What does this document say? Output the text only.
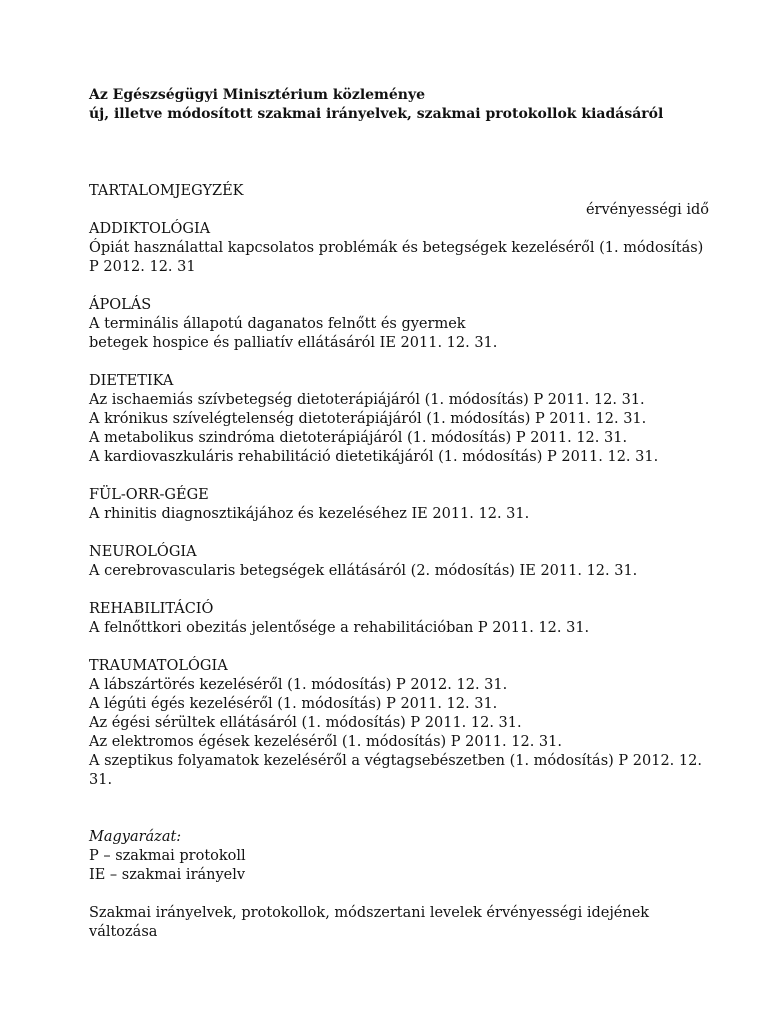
Az Egészségügyi Minisztérium közleménye
új, illetve módosított szakmai irányelvek, szakmai protokollok kiadásáról
TARTALOMJEGYZÉK
érvényességi idő
ADDIKTOLÓGIA
Ópiát használattal kapcsolatos problémák és betegségek kezeléséről (1. módosítás)
P 2012. 12. 31
ÁPOLÁS
A terminális állapotú daganatos felnőtt és gyermek
betegek hospice és palliatív ellátásáról IE 2011. 12. 31.
DIETETIKA
Az ischaemiás szívbetegség dietoterápiájáról (1. módosítás) P 2011. 12. 31.
A krónikus szívelégtelenség dietoterápiájáról (1. módosítás) P 2011. 12. 31.
A metabolikus szindróma dietoterápiájáról (1. módosítás) P 2011. 12. 31.
A kardiovaszkuláris rehabilitáció dietetikájáról (1. módosítás) P 2011. 12. 31.
FÜL-ORR-GÉGE
A rhinitis diagnosztikájához és kezeléséhez IE 2011. 12. 31.
NEUROLÓGIA
A cerebrovascularis betegségek ellátásáról (2. módosítás) IE 2011. 12. 31.
REHABILITÁCIÓ
A felnőttkori obezitás jelentősége a rehabilitációban P 2011. 12. 31.
TRAUMATOLÓGIA
A lábszártörés kezeléséről (1. módosítás) P 2012. 12. 31.
A légúti égés kezeléséről (1. módosítás) P 2011. 12. 31.
Az égési sérültek ellátásáról (1. módosítás) P 2011. 12. 31.
Az elektromos égések kezeléséről (1. módosítás) P 2011. 12. 31.
A szeptikus folyamatok kezeléséről a végtagsebészetben (1. módosítás) P 2012. 12.
31.
Magyarázat:
P – szakmai protokoll
IE – szakmai irányelv
Szakmai irányelvek, protokollok, módszertani levelek érvényességi idejének
változása
